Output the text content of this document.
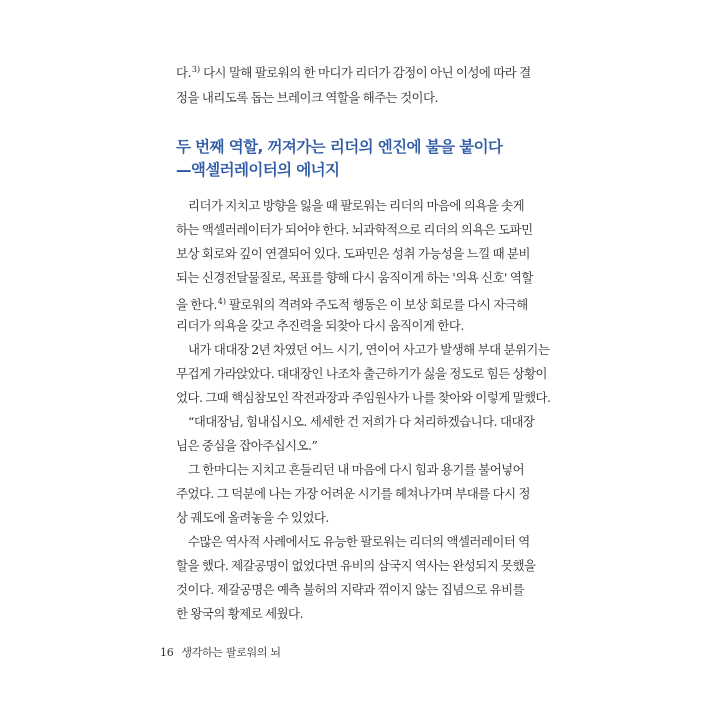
다.$^{3)}$ 다시 말해 팔로워의 한 마디가 리더가 감정이 아닌 이성에 따라 결
정을 내리도록 돕는 브레이크 역할을 해주는 것이다.
두 번째 역할, 꺼져가는 리더의 엔진에 불을 붙이다
—액셀러레이터의 에너지
리더가 지치고 방향을 잃을 때 팔로워는 리더의 마음에 의욕을 솟게
하는 액셀러레이터가 되어야 한다. 뇌과학적으로 리더의 의욕은 도파민
보상 회로와 깊이 연결되어 있다. 도파민은 성취 가능성을 느낄 때 분비
되는 신경전달물질로, 목표를 향해 다시 움직이게 하는 '의욕 신호' 역할
을 한다.$^{4)}$ 팔로워의 격려와 주도적 행동은 이 보상 회로를 다시 자극해
리더가 의욕을 갖고 추진력을 되찾아 다시 움직이게 한다.
내가 대대장 2년 차였던 어느 시기, 연이어 사고가 발생해 부대 분위기는
무겁게 가라앉았다. 대대장인 나조차 출근하기가 싫을 정도로 힘든 상황이
었다. 그때 핵심참모인 작전과장과 주임원사가 나를 찾아와 이렇게 말했다.
“대대장님, 힘내십시오. 세세한 건 저희가 다 처리하겠습니다. 대대장
님은 중심을 잡아주십시오.”
그 한마디는 지치고 흔들리던 내 마음에 다시 힘과 용기를 불어넣어
주었다. 그 덕분에 나는 가장 어려운 시기를 헤쳐나가며 부대를 다시 정
상 궤도에 올려놓을 수 있었다.
수많은 역사적 사례에서도 유능한 팔로워는 리더의 액셀러레이터 역
할을 했다. 제갈공명이 없었다면 유비의 삼국지 역사는 완성되지 못했을
것이다. 제갈공명은 예측 불허의 지략과 꺾이지 않는 집념으로 유비를
한 왕국의 황제로 세웠다.
16 생각하는 팔로워의 뇌
